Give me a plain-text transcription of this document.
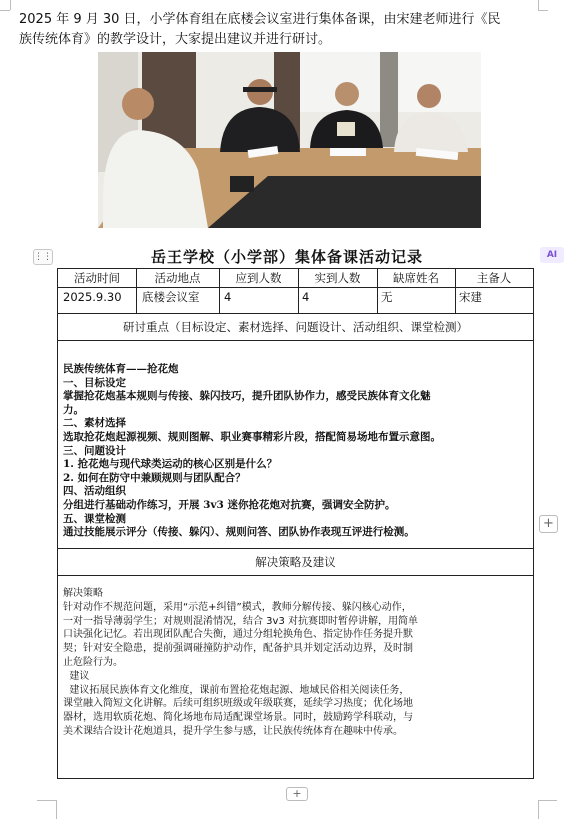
2025 年 9 月 30 日，小学体育组在底楼会议室进行集体备课，由宋建老师进行《民
族传统体育》的教学设计，大家提出建议并进行研讨。
⋮⋮	AI
岳王学校（小学部）集体备课活动记录
活动时间	活动地点	应到人数	实到人数	缺席姓名	主备人
2025.9.30 底楼会议室 4	4	无	宋建
研讨重点（目标设定、素材选择、问题设计、活动组织、课堂检测）
民族传统体育——抢花炮
一、目标设定
掌握抢花炮基本规则与传接、躲闪技巧，提升团队协作力，感受民族体育文化魅
力。
二、素材选择
选取抢花炮起源视频、规则图解、职业赛事精彩片段，搭配简易场地布置示意图。
三、问题设计
1. 抢花炮与现代球类运动的核心区别是什么？
2. 如何在防守中兼顾规则与团队配合？
四、活动组织
分组进行基础动作练习，开展 3v3 迷你抢花炮对抗赛，强调安全防护。
五、课堂检测
通过技能展示评分（传接、躲闪）、规则问答、团队协作表现互评进行检测。
解决策略及建议
解决策略
针对动作不规范问题，采用“示范+纠错”模式，教师分解传接、躲闪核心动作，
一对一指导薄弱学生；对规则混淆情况，结合 3v3 对抗赛即时暂停讲解，用简单
口诀强化记忆。若出现团队配合失衡，通过分组轮换角色、指定协作任务提升默
契；针对安全隐患，提前强调碰撞防护动作，配备护具并划定活动边界，及时制
止危险行为。
建议
建议拓展民族体育文化维度，课前布置抢花炮起源、地域民俗相关阅读任务，
课堂融入简短文化讲解。后续可组织班级或年级联赛，延续学习热度；优化场地
器材，选用软质花炮、简化场地布局适配课堂场景。同时，鼓励跨学科联动，与
美术课结合设计花炮道具，提升学生参与感，让民族传统体育在趣味中传承。
+
+
